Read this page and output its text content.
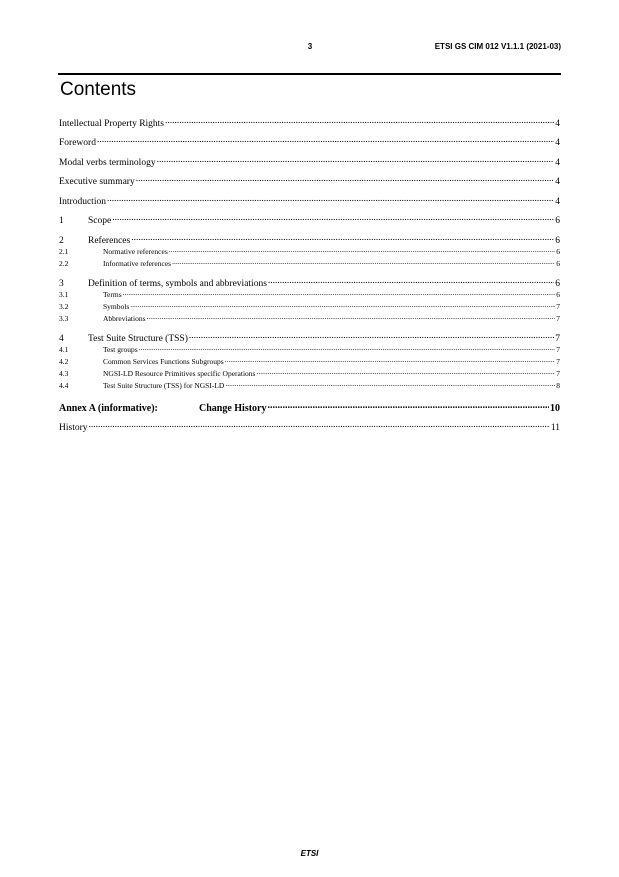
3	ETSI GS CIM 012 V1.1.1 (2021-03)
Contents
Intellectual Property Rights .....	4
Foreword .....	4
Modal verbs terminology .....	4
Executive summary .....	4
Introduction .....	4
1	Scope .....	6
2	References .....	6
2.1	Normative references .....	6
2.2	Informative references .....	6
3	Definition of terms, symbols and abbreviations .....	6
3.1	Terms .....	6
3.2	Symbols .....	7
3.3	Abbreviations .....	7
4	Test Suite Structure (TSS) .....	7
4.1	Test groups .....	7
4.2	Common Services Functions Subgroups .....	7
4.3	NGSI-LD Resource Primitives specific Operations .....	7
4.4	Test Suite Structure (TSS) for NGSI-LD .....	8
Annex A (informative):	Change History .....	10
History .....	11
ETSI
